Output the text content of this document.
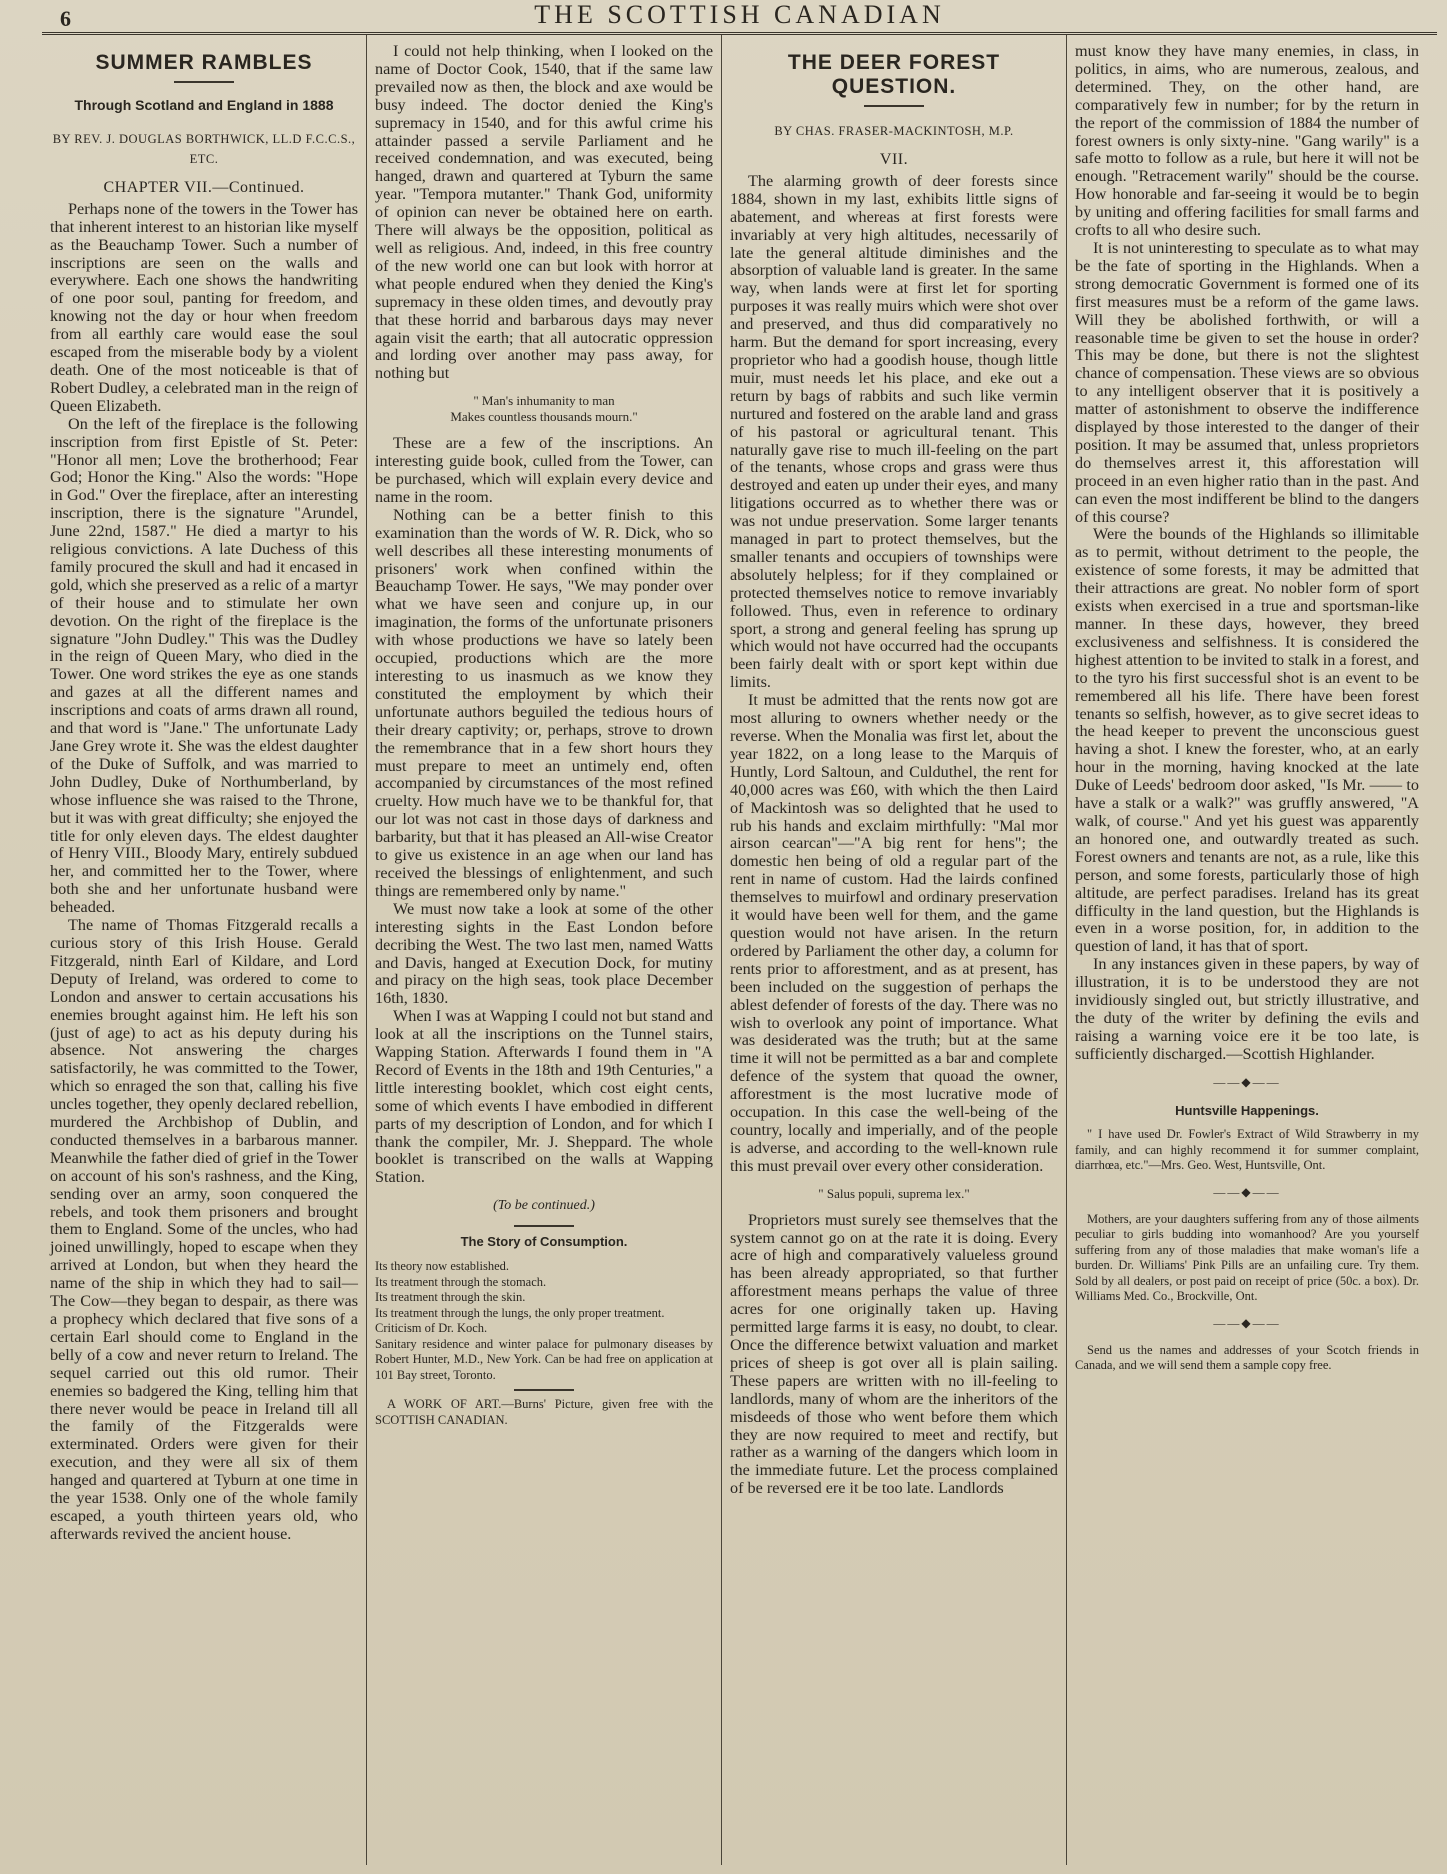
6	THE SCOTTISH CANADIAN
SUMMER RAMBLES
Through Scotland and England in 1888
BY REV. J. DOUGLAS BORTHWICK, LL.D F.C.C.S., ETC.
CHAPTER VII.—Continued.

Perhaps none of the towers in the Tower has that inherent interest to an historian like myself as the Beauchamp Tower. Such a number of inscriptions are seen on the walls and everywhere. Each one shows the handwriting of one poor soul, panting for freedom, and knowing not the day or hour when freedom from all earthly care would ease the soul escaped from the miserable body by a violent death. One of the most noticeable is that of Robert Dudley, a celebrated man in the reign of Queen Elizabeth.

On the left of the fireplace is the following inscription from first Epistle of St. Peter: "Honor all men; Love the brotherhood; Fear God; Honor the King." Also the words: "Hope in God." Over the fireplace, after an interesting inscription, there is the signature "Arundel, June 22nd, 1587." He died a martyr to his religious convictions. A late Duchess of this family procured the skull and had it encased in gold, which she preserved as a relic of a martyr of their house and to stimulate her own devotion. On the right of the fireplace is the signature "John Dudley." This was the Dudley in the reign of Queen Mary, who died in the Tower. One word strikes the eye as one stands and gazes at all the different names and inscriptions and coats of arms drawn all round, and that word is "Jane." The unfortunate Lady Jane Grey wrote it. She was the eldest daughter of the Duke of Suffolk, and was married to John Dudley, Duke of Northumberland, by whose influence she was raised to the Throne, but it was with great difficulty; she enjoyed the title for only eleven days. The eldest daughter of Henry VIII., Bloody Mary, entirely subdued her, and committed her to the Tower, where both she and her unfortunate husband were beheaded.

The name of Thomas Fitzgerald recalls a curious story of this Irish House. Gerald Fitzgerald, ninth Earl of Kildare, and Lord Deputy of Ireland, was ordered to come to London and answer to certain accusations his enemies brought against him. He left his son (just of age) to act as his deputy during his absence. Not answering the charges satisfactorily, he was committed to the Tower, which so enraged the son that, calling his five uncles together, they openly declared rebellion, murdered the Archbishop of Dublin, and conducted themselves in a barbarous manner. Meanwhile the father died of grief in the Tower on account of his son's rashness, and the King, sending over an army, soon conquered the rebels, and took them prisoners and brought them to England. Some of the uncles, who had joined unwillingly, hoped to escape when they arrived at London, but when they heard the name of the ship in which they had to sail—The Cow—they began to despair, as there was a prophecy which declared that five sons of a certain Earl should come to England in the belly of a cow and never return to Ireland. The sequel carried out this old rumor. Their enemies so badgered the King, telling him that there never would be peace in Ireland till all the family of the Fitzgeralds were exterminated. Orders were given for their execution, and they were all six of them hanged and quartered at Tyburn at one time in the year 1538. Only one of the whole family escaped, a youth thirteen years old, who afterwards revived the ancient house.

I could not help thinking, when I looked on the name of Doctor Cook, 1540, that if the same law prevailed now as then, the block and axe would be busy indeed. The doctor denied the King's supremacy in 1540, and for this awful crime his attainder passed a servile Parliament and he received condemnation, and was executed, being hanged, drawn and quartered at Tyburn the same year. "Tempora mutanter." Thank God, uniformity of opinion can never be obtained here on earth. There will always be the opposition, political as well as religious. And, indeed, in this free country of the new world one can but look with horror at what people endured when they denied the King's supremacy in these olden times, and devoutly pray that these horrid and barbarous days may never again visit the earth; that all autocratic oppression and lording over another may pass away, for nothing but

" Man's inhumanity to man
Makes countless thousands mourn."

These are a few of the inscriptions. An interesting guide book, culled from the Tower, can be purchased, which will explain every device and name in the room.

Nothing can be a better finish to this examination than the words of W. R. Dick, who so well describes all these interesting monuments of prisoners' work when confined within the Beauchamp Tower. He says, "We may ponder over what we have seen and conjure up, in our imagination, the forms of the unfortunate prisoners with whose productions we have so lately been occupied, productions which are the more interesting to us inasmuch as we know they constituted the employment by which their unfortunate authors beguiled the tedious hours of their dreary captivity; or, perhaps, strove to drown the remembrance that in a few short hours they must prepare to meet an untimely end, often accompanied by circumstances of the most refined cruelty. How much have we to be thankful for, that our lot was not cast in those days of darkness and barbarity, but that it has pleased an All-wise Creator to give us existence in an age when our land has received the blessings of enlightenment, and such things are remembered only by name."

We must now take a look at some of the other interesting sights in the East London before decribing the West. The two last men, named Watts and Davis, hanged at Execution Dock, for mutiny and piracy on the high seas, took place December 16th, 1830.

When I was at Wapping I could not but stand and look at all the inscriptions on the Tunnel stairs, Wapping Station. Afterwards I found them in "A Record of Events in the 18th and 19th Centuries," a little interesting booklet, which cost eight cents, some of which events I have embodied in different parts of my description of London, and for which I thank the compiler, Mr. J. Sheppard. The whole booklet is transcribed on the walls at Wapping Station.

(To be continued.)
The Story of Consumption.
Its theory now established.
Its treatment through the stomach.
Its treatment through the skin.
Its treatment through the lungs, the only proper treatment.
Criticism of Dr. Koch.
Sanitary residence and winter palace for pulmonary diseases by Robert Hunter, M.D., New York. Can be had free on application at 101 Bay street, Toronto.

A WORK OF ART.—Burns' Picture, given free with the SCOTTISH CANADIAN.

THE DEER FOREST QUESTION.
BY CHAS. FRASER-MACKINTOSH, M.P.
VII.

The alarming growth of deer forests since 1884, shown in my last, exhibits little signs of abatement, and whereas at first forests were invariably at very high altitudes, necessarily of late the general altitude diminishes and the absorption of valuable land is greater. In the same way, when lands were at first let for sporting purposes it was really muirs which were shot over and preserved, and thus did comparatively no harm. But the demand for sport increasing, every proprietor who had a goodish house, though little muir, must needs let his place, and eke out a return by bags of rabbits and such like vermin nurtured and fostered on the arable land and grass of his pastoral or agricultural tenant. This naturally gave rise to much ill-feeling on the part of the tenants, whose crops and grass were thus destroyed and eaten up under their eyes, and many litigations occurred as to whether there was or was not undue preservation. Some larger tenants managed in part to protect themselves, but the smaller tenants and occupiers of townships were absolutely helpless; for if they complained or protected themselves notice to remove invariably followed. Thus, even in reference to ordinary sport, a strong and general feeling has sprung up which would not have occurred had the occupants been fairly dealt with or sport kept within due limits.

It must be admitted that the rents now got are most alluring to owners whether needy or the reverse. When the Monalia was first let, about the year 1822, on a long lease to the Marquis of Huntly, Lord Saltoun, and Culduthel, the rent for 40,000 acres was £60, with which the then Laird of Mackintosh was so delighted that he used to rub his hands and exclaim mirthfully: "Mal mor airson cearcan"—"A big rent for hens"; the domestic hen being of old a regular part of the rent in name of custom. Had the lairds confined themselves to muirfowl and ordinary preservation it would have been well for them, and the game question would not have arisen. In the return ordered by Parliament the other day, a column for rents prior to afforestment, and as at present, has been included on the suggestion of perhaps the ablest defender of forests of the day. There was no wish to overlook any point of importance. What was desiderated was the truth; but at the same time it will not be permitted as a bar and complete defence of the system that quoad the owner, afforestment is the most lucrative mode of occupation. In this case the well-being of the country, locally and imperially, and of the people is adverse, and according to the well-known rule this must prevail over every other consideration.

" Salus populi, suprema lex."

Proprietors must surely see themselves that the system cannot go on at the rate it is doing. Every acre of high and comparatively valueless ground has been already appropriated, so that further afforestment means perhaps the value of three acres for one originally taken up. Having permitted large farms it is easy, no doubt, to clear. Once the difference betwixt valuation and market prices of sheep is got over all is plain sailing. These papers are written with no ill-feeling to landlords, many of whom are the inheritors of the misdeeds of those who went before them which they are now required to meet and rectify, but rather as a warning of the dangers which loom in the immediate future. Let the process complained of be reversed ere it be too late. Landlords

must know they have many enemies, in class, in politics, in aims, who are numerous, zealous, and determined. They, on the other hand, are comparatively few in number; for by the return in the report of the commission of 1884 the number of forest owners is only sixty-nine. "Gang warily" is a safe motto to follow as a rule, but here it will not be enough. "Retracement warily" should be the course. How honorable and far-seeing it would be to begin by uniting and offering facilities for small farms and crofts to all who desire such.

It is not uninteresting to speculate as to what may be the fate of sporting in the Highlands. When a strong democratic Government is formed one of its first measures must be a reform of the game laws. Will they be abolished forthwith, or will a reasonable time be given to set the house in order? This may be done, but there is not the slightest chance of compensation. These views are so obvious to any intelligent observer that it is positively a matter of astonishment to observe the indifference displayed by those interested to the danger of their position. It may be assumed that, unless proprietors do themselves arrest it, this afforestation will proceed in an even higher ratio than in the past. And can even the most indifferent be blind to the dangers of this course?

Were the bounds of the Highlands so illimitable as to permit, without detriment to the people, the existence of some forests, it may be admitted that their attractions are great. No nobler form of sport exists when exercised in a true and sportsman-like manner. In these days, however, they breed exclusiveness and selfishness. It is considered the highest attention to be invited to stalk in a forest, and to the tyro his first successful shot is an event to be remembered all his life. There have been forest tenants so selfish, however, as to give secret ideas to the head keeper to prevent the unconscious guest having a shot. I knew the forester, who, at an early hour in the morning, having knocked at the late Duke of Leeds' bedroom door asked, "Is Mr. —— to have a stalk or a walk?" was gruffly answered, "A walk, of course." And yet his guest was apparently an honored one, and outwardly treated as such. Forest owners and tenants are not, as a rule, like this person, and some forests, particularly those of high altitude, are perfect paradises. Ireland has its great difficulty in the land question, but the Highlands is even in a worse position, for, in addition to the question of land, it has that of sport.

In any instances given in these papers, by way of illustration, it is to be understood they are not invidiously singled out, but strictly illustrative, and the duty of the writer by defining the evils and raising a warning voice ere it be too late, is sufficiently discharged.—Scottish Highlander.

——◆——
Huntsville Happenings.

" I have used Dr. Fowler's Extract of Wild Strawberry in my family, and can highly recommend it for summer complaint, diarrhœa, etc."—Mrs. Geo. West, Huntsville, Ont.

——◆——

Mothers, are your daughters suffering from any of those ailments peculiar to girls budding into womanhood? Are you yourself suffering from any of those maladies that make woman's life a burden. Dr. Williams' Pink Pills are an unfailing cure. Try them. Sold by all dealers, or post paid on receipt of price (50c. a box). Dr. Williams Med. Co., Brockville, Ont.

——◆——

Send us the names and addresses of your Scotch friends in Canada, and we will send them a sample copy free.
